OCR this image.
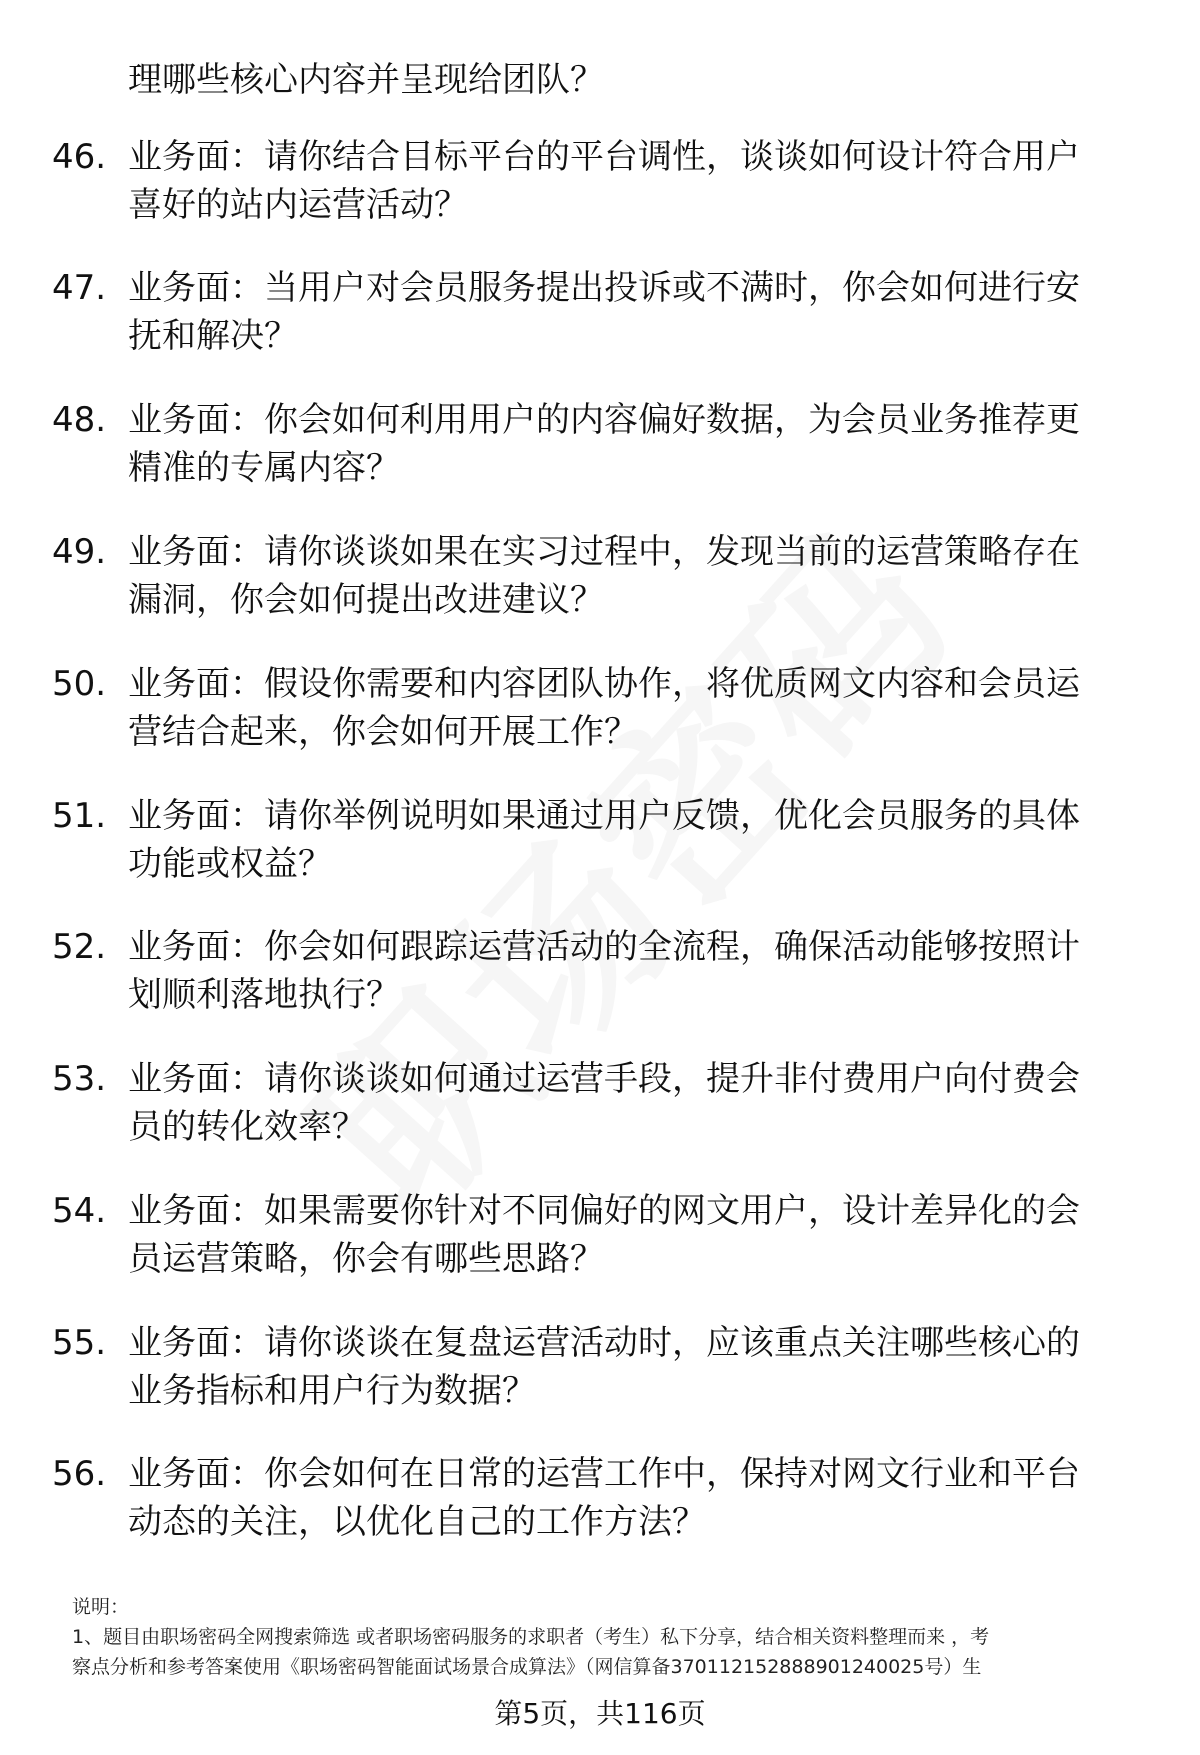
理哪些核心内容并呈现给团队？
46. 业务面：请你结合目标平台的平台调性，谈谈如何设计符合用户
喜好的站内运营活动？
47. 业务面：当用户对会员服务提出投诉或不满时，你会如何进行安
抚和解决？
48. 业务面：你会如何利用用户的内容偏好数据，为会员业务推荐更
精准的专属内容？
49. 业务面：请你谈谈如果在实习过程中，发现当前的运营策略存在
漏洞，你会如何提出改进建议？
50. 业务面：假设你需要和内容团队协作，将优质网文内容和会员运
营结合起来，你会如何开展工作？
51. 业务面：请你举例说明如果通过用户反馈，优化会员服务的具体
功能或权益？
52. 业务面：你会如何跟踪运营活动的全流程，确保活动能够按照计
划顺利落地执行？
53. 业务面：请你谈谈如何通过运营手段，提升非付费用户向付费会
员的转化效率？
54. 业务面：如果需要你针对不同偏好的网文用户，设计差异化的会
员运营策略，你会有哪些思路？
55. 业务面：请你谈谈在复盘运营活动时，应该重点关注哪些核心的
业务指标和用户行为数据？
56. 业务面：你会如何在日常的运营工作中，保持对网文行业和平台
动态的关注，以优化自己的工作方法？
说明：
1、题目由职场密码全网搜索筛选 或者职场密码服务的求职者（考生）私下分享，结合相关资料整理而来 ，考
察点分析和参考答案使用《职场密码智能面试场景合成算法》（网信算备370112152888901240025号）生
第5页，共116页
